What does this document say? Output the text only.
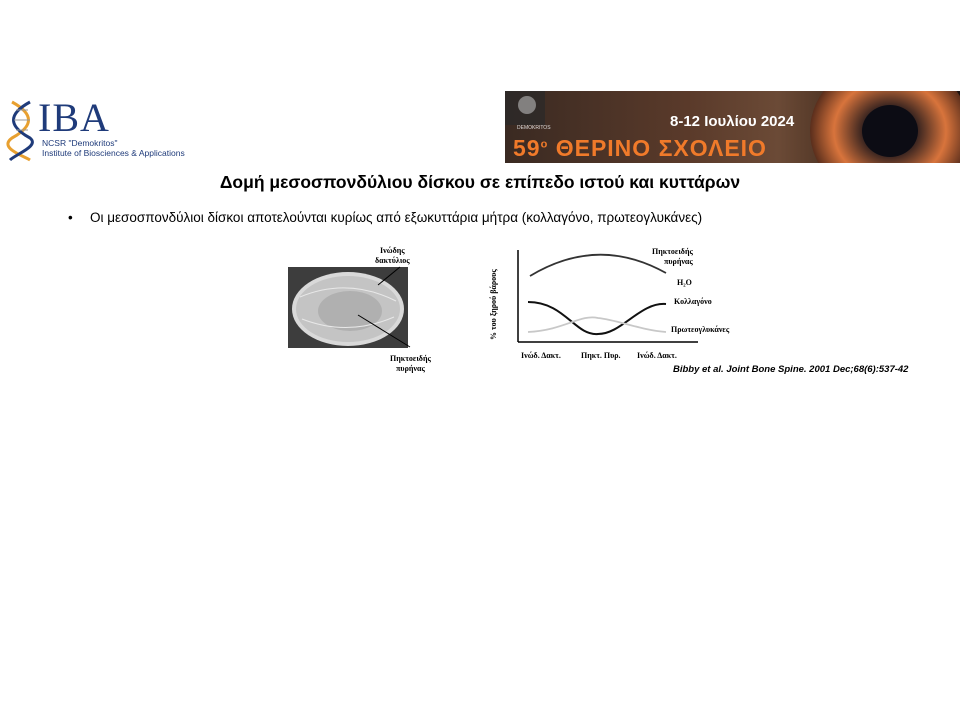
IBA
NCSR "Demokritos"
Institute of Biosciences & Applications
DEMOKRITOS	8-12 Ιουλίου 2024
$59^o$ ΘΕΡΙΝΟ ΣΧΟΛΕΙΟ
Δομή μεσοσπονδύλιου δίσκου σε επίπεδο ιστού και κυττάρων
• Οι μεσοσπονδύλιοι δίσκοι αποτελούνται κυρίως από εξωκυττάρια μήτρα (κολλαγόνο, πρωτεογλυκάνες)
Ινώδης
δακτύλιος
Πηκτοειδής
πυρήνας
% του ξηρού βάρους
Πηκτοειδής
πυρήνας
H₂O
Κολλαγόνο
Πρωτεογλυκάνες
Ινώδ. Δακτ.	Πηκτ. Πυρ. Ινώδ. Δακτ.
Bibby et al. Joint Bone Spine. 2001 Dec;68(6):537-42
